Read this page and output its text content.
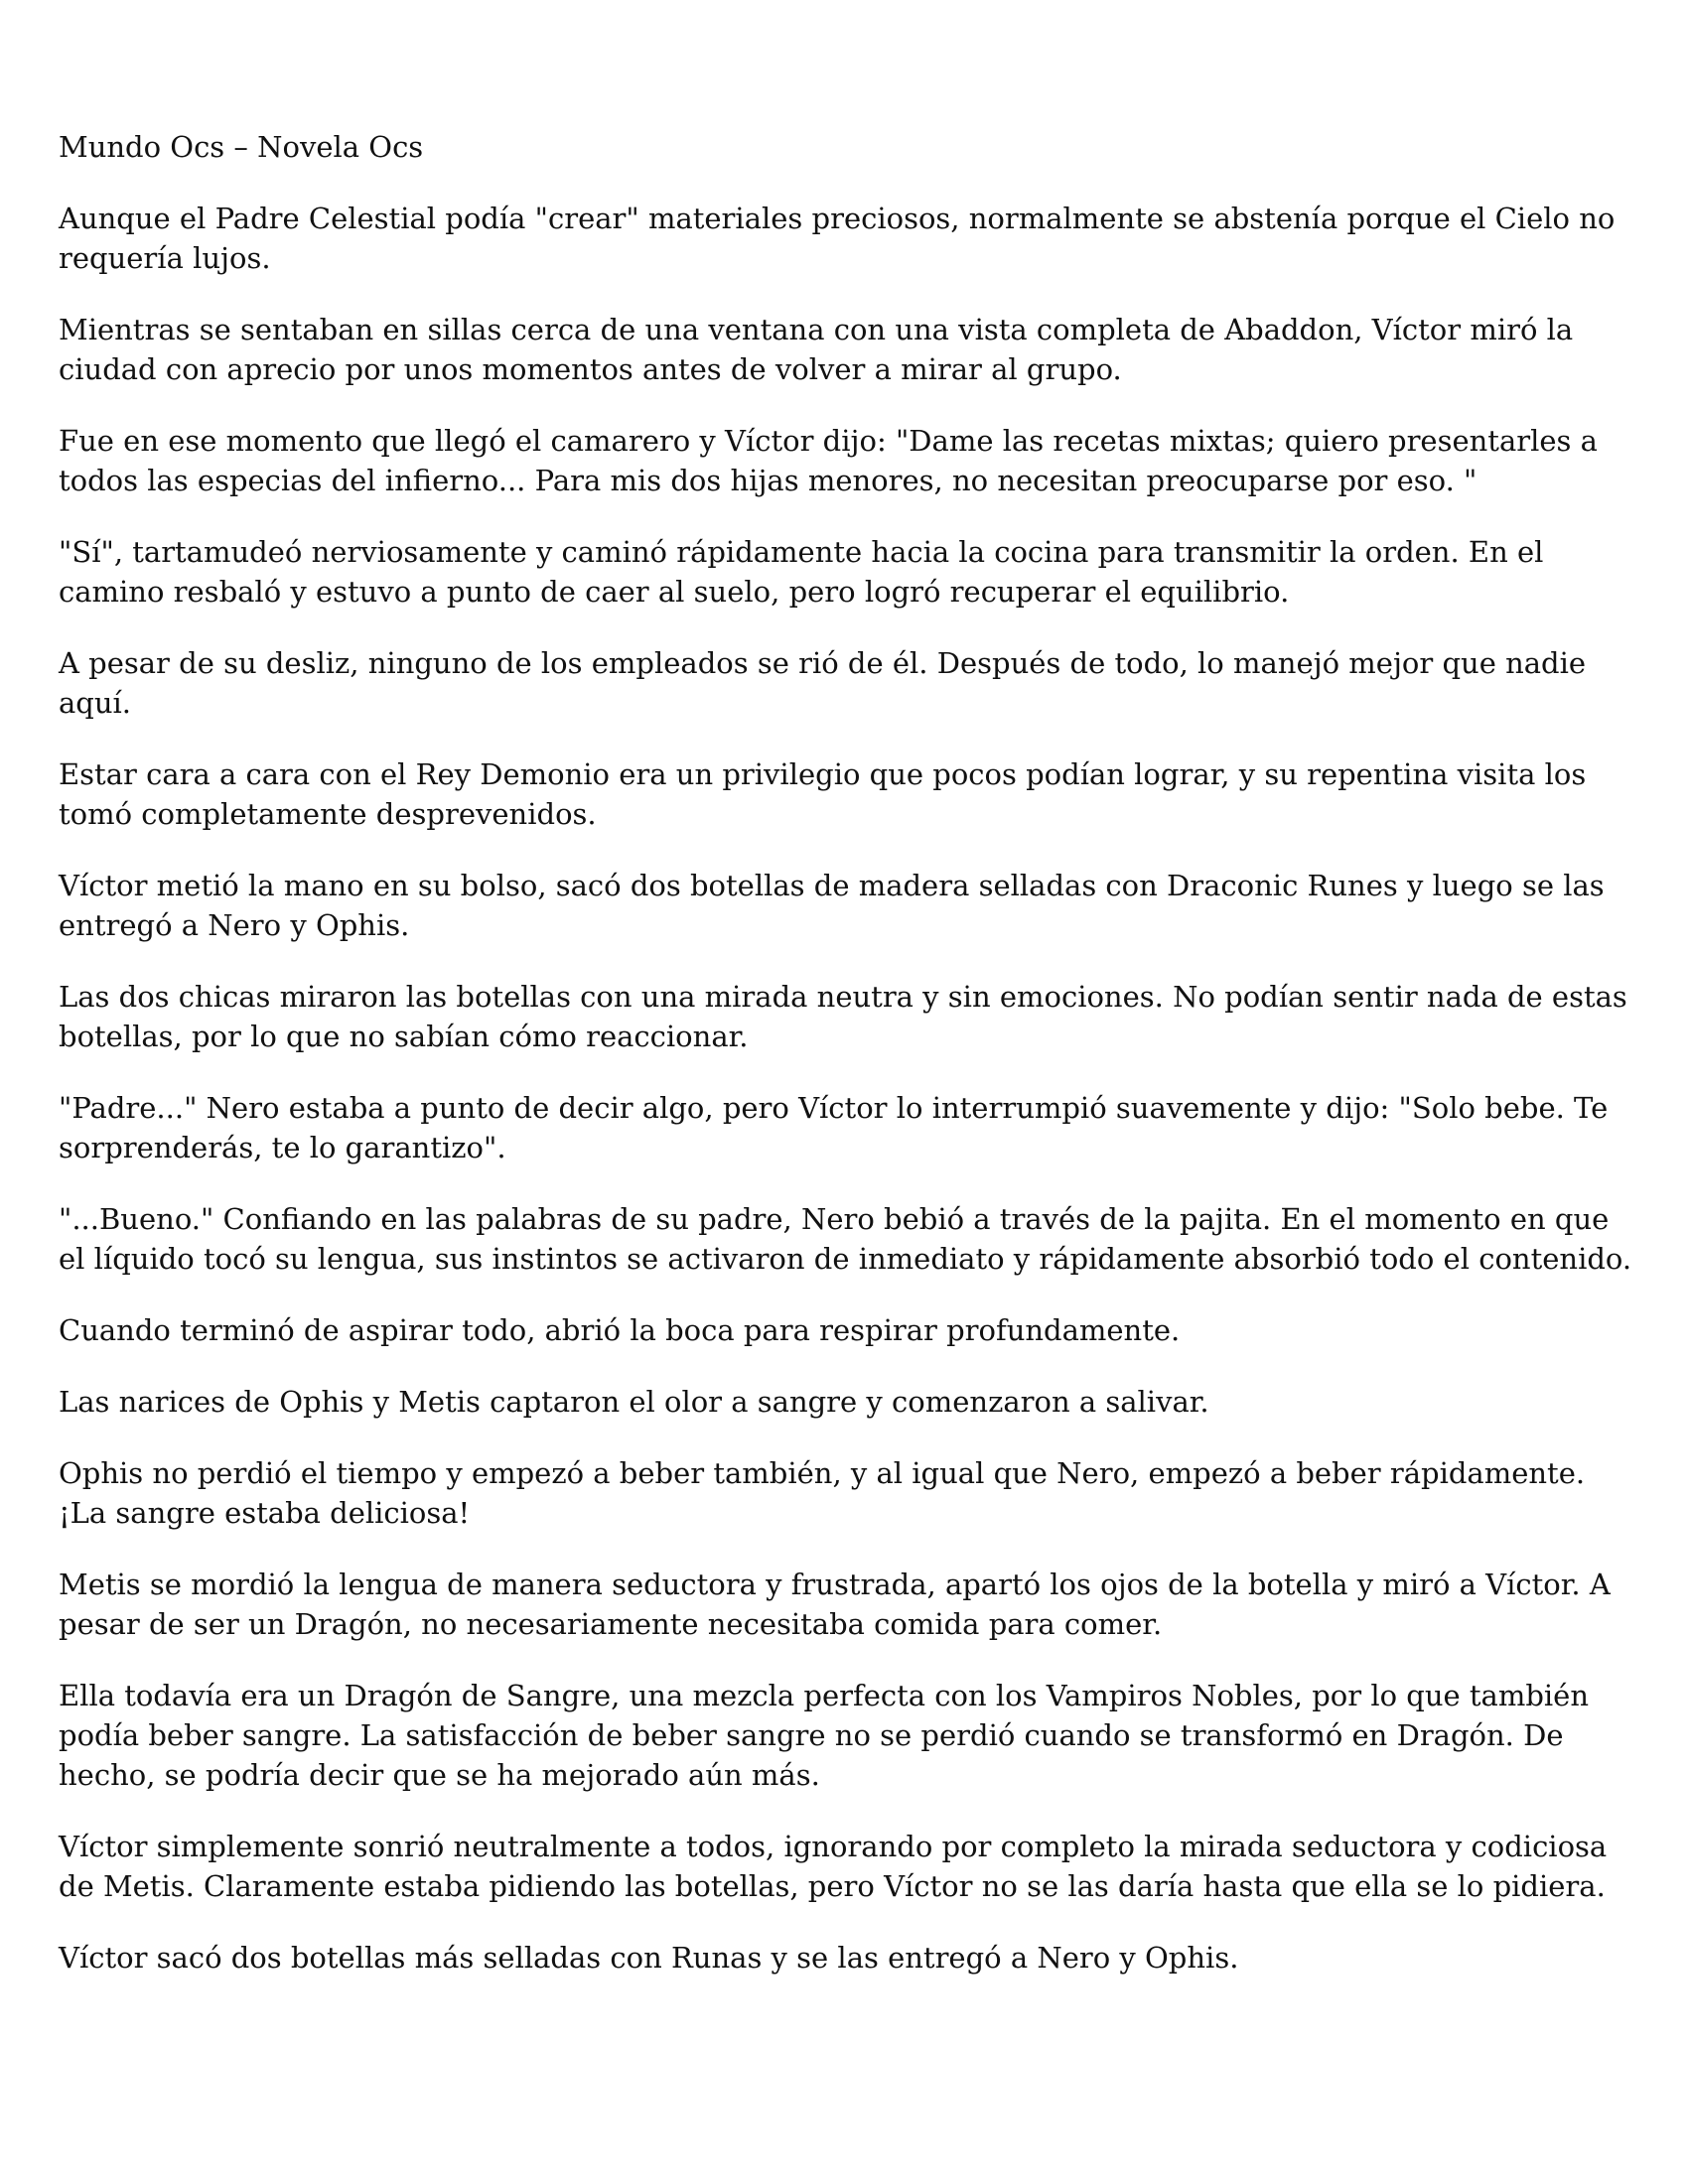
Mundo Ocs – Novela Ocs

Aunque el Padre Celestial podía "crear" materiales preciosos, normalmente se abstenía porque el Cielo no requería lujos.

Mientras se sentaban en sillas cerca de una ventana con una vista completa de Abaddon, Víctor miró la ciudad con aprecio por unos momentos antes de volver a mirar al grupo.

Fue en ese momento que llegó el camarero y Víctor dijo: "Dame las recetas mixtas; quiero presentarles a todos las especias del infierno... Para mis dos hijas menores, no necesitan preocuparse por eso. "

"Sí", tartamudeó nerviosamente y caminó rápidamente hacia la cocina para transmitir la orden. En el camino resbaló y estuvo a punto de caer al suelo, pero logró recuperar el equilibrio.

A pesar de su desliz, ninguno de los empleados se rió de él. Después de todo, lo manejó mejor que nadie aquí.

Estar cara a cara con el Rey Demonio era un privilegio que pocos podían lograr, y su repentina visita los tomó completamente desprevenidos.

Víctor metió la mano en su bolso, sacó dos botellas de madera selladas con Draconic Runes y luego se las entregó a Nero y Ophis.

Las dos chicas miraron las botellas con una mirada neutra y sin emociones. No podían sentir nada de estas botellas, por lo que no sabían cómo reaccionar.

"Padre..." Nero estaba a punto de decir algo, pero Víctor lo interrumpió suavemente y dijo: "Solo bebe. Te sorprenderás, te lo garantizo".

"...Bueno." Confiando en las palabras de su padre, Nero bebió a través de la pajita. En el momento en que el líquido tocó su lengua, sus instintos se activaron de inmediato y rápidamente absorbió todo el contenido.

Cuando terminó de aspirar todo, abrió la boca para respirar profundamente.

Las narices de Ophis y Metis captaron el olor a sangre y comenzaron a salivar.

Ophis no perdió el tiempo y empezó a beber también, y al igual que Nero, empezó a beber rápidamente. ¡La sangre estaba deliciosa!

Metis se mordió la lengua de manera seductora y frustrada, apartó los ojos de la botella y miró a Víctor. A pesar de ser un Dragón, no necesariamente necesitaba comida para comer.

Ella todavía era un Dragón de Sangre, una mezcla perfecta con los Vampiros Nobles, por lo que también podía beber sangre. La satisfacción de beber sangre no se perdió cuando se transformó en Dragón. De hecho, se podría decir que se ha mejorado aún más.

Víctor simplemente sonrió neutralmente a todos, ignorando por completo la mirada seductora y codiciosa de Metis. Claramente estaba pidiendo las botellas, pero Víctor no se las daría hasta que ella se lo pidiera.

Víctor sacó dos botellas más selladas con Runas y se las entregó a Nero y Ophis.
